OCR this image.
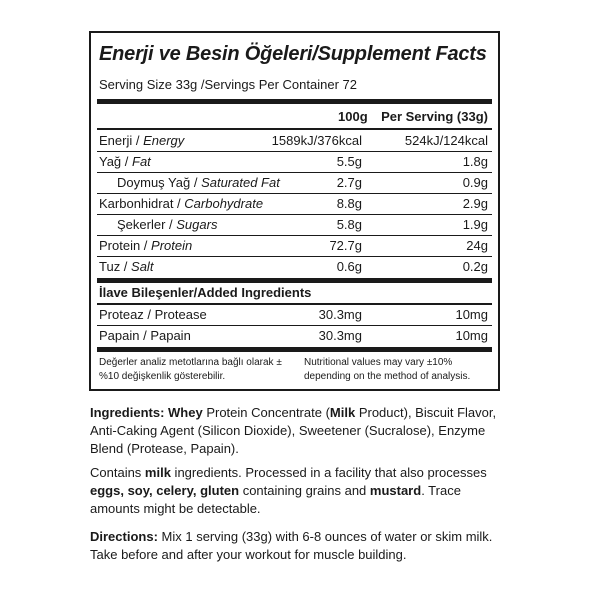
Enerji ve Besin Öğeleri/Supplement Facts
Serving Size 33g /Servings Per Container 72
100g Per Serving (33g)
Enerji / Energy	1589kJ/376kcal	524kJ/124kcal
Yağ / Fat	5.5g	1.8g
Doymuş Yağ / Saturated Fat	2.7g	0.9g
Karbonhidrat / Carbohydrate	8.8g	2.9g
Şekerler / Sugars	5.8g	1.9g
Protein / Protein	72.7g	24g
Tuz / Salt	0.6g	0.2g
İlave Bileşenler/Added Ingredients
Proteaz / Protease	30.3mg	10mg
Papain / Papain	30.3mg	10mg
Değerler analiz metotlarına bağlı olarak ±%10 değişkenlik gösterebilir.
Nutritional values may vary ±10% depending on the method of analysis.
Ingredients: Whey Protein Concentrate (Milk Product), Biscuit Flavor, Anti-Caking Agent (Silicon Dioxide), Sweetener (Sucralose), Enzyme Blend (Protease, Papain).
Contains milk ingredients. Processed in a facility that also processes eggs, soy, celery, gluten containing grains and mustard. Trace amounts might be detectable.
Directions: Mix 1 serving (33g) with 6-8 ounces of water or skim milk. Take before and after your workout for muscle building.
